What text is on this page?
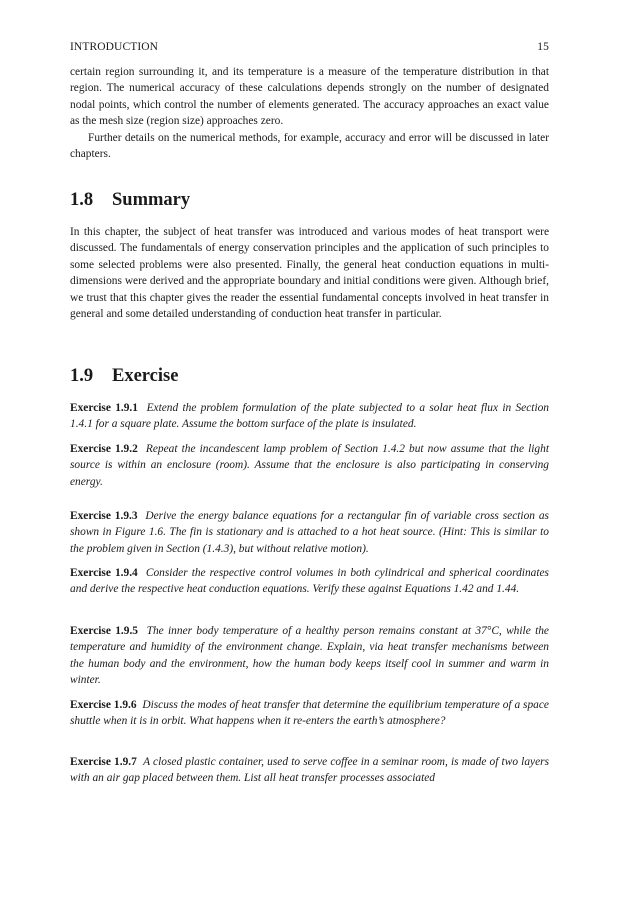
INTRODUCTION	15

certain region surrounding it, and its temperature is a measure of the temperature distribution in that region. The numerical accuracy of these calculations depends strongly on the number of designated nodal points, which control the number of elements generated. The accuracy approaches an exact value as the mesh size (region size) approaches zero.

Further details on the numerical methods, for example, accuracy and error will be discussed in later chapters.

1.8 Summary

In this chapter, the subject of heat transfer was introduced and various modes of heat transport were discussed. The fundamentals of energy conservation principles and the application of such principles to some selected problems were also presented. Finally, the general heat conduction equations in multi-dimensions were derived and the appropriate boundary and initial conditions were given. Although brief, we trust that this chapter gives the reader the essential fundamental concepts involved in heat transfer in general and some detailed understanding of conduction heat transfer in particular.

1.9 Exercise

Exercise 1.9.1 Extend the problem formulation of the plate subjected to a solar heat flux in Section 1.4.1 for a square plate. Assume the bottom surface of the plate is insulated.

Exercise 1.9.2 Repeat the incandescent lamp problem of Section 1.4.2 but now assume that the light source is within an enclosure (room). Assume that the enclosure is also participating in conserving energy.

Exercise 1.9.3 Derive the energy balance equations for a rectangular fin of variable cross section as shown in Figure 1.6. The fin is stationary and is attached to a hot heat source. (Hint: This is similar to the problem given in Section (1.4.3), but without relative motion).

Exercise 1.9.4 Consider the respective control volumes in both cylindrical and spherical coordinates and derive the respective heat conduction equations. Verify these against Equations 1.42 and 1.44.

Exercise 1.9.5 The inner body temperature of a healthy person remains constant at 37°C, while the temperature and humidity of the environment change. Explain, via heat transfer mechanisms between the human body and the environment, how the human body keeps itself cool in summer and warm in winter.

Exercise 1.9.6 Discuss the modes of heat transfer that determine the equilibrium temperature of a space shuttle when it is in orbit. What happens when it re-enters the earth’s atmosphere?

Exercise 1.9.7 A closed plastic container, used to serve coffee in a seminar room, is made of two layers with an air gap placed between them. List all heat transfer processes associated
